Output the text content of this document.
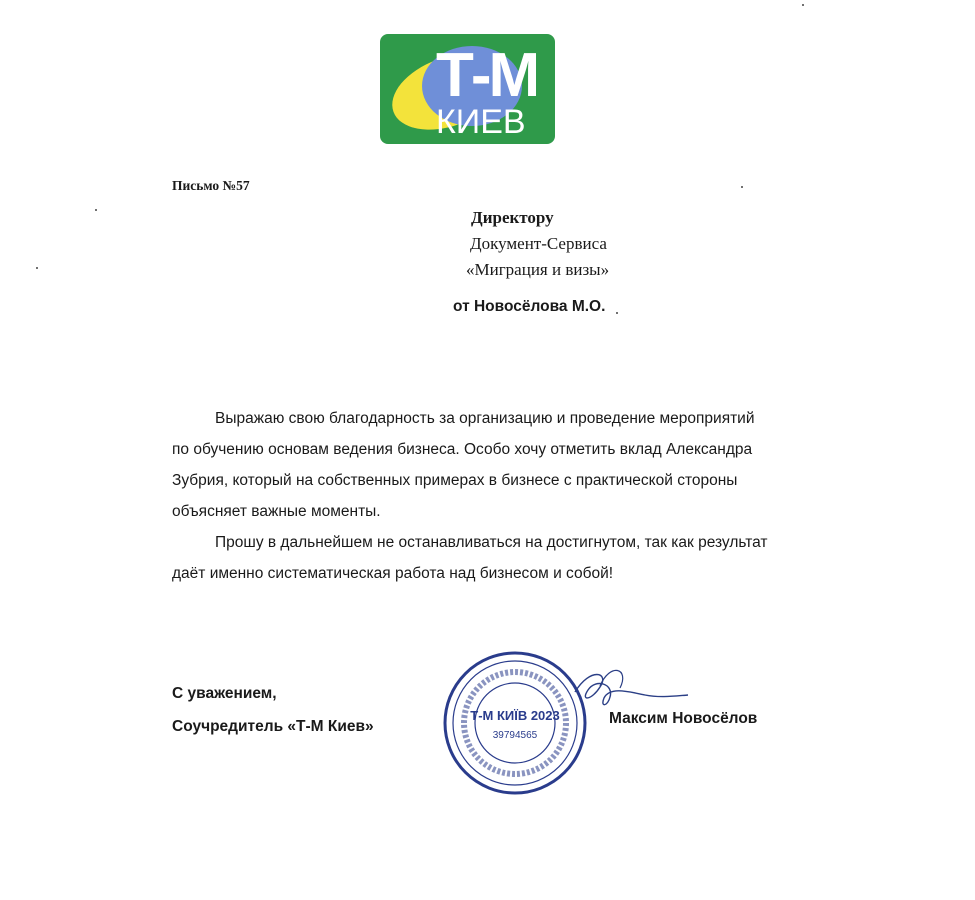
Т-М
КИЕВ
Письмо №57
Директору
Документ-Сервиса
«Миграция и визы»
от Новосёлова М.О.

Выражаю свою благодарность за организацию и проведение мероприятий по обучению основам ведения бизнеса. Особо хочу отметить вклад Александра Зубрия, который на собственных примерах в бизнесе с практической стороны объясняет важные моменты.

Прошу в дальнейшем не останавливаться на достигнутом, так как результат даёт именно систематическая работа над бизнесом и собой!

С уважением,
Соучредитель «Т-М Киев»
Т-М КИЇВ 2023
39794565
Максим Новосёлов
